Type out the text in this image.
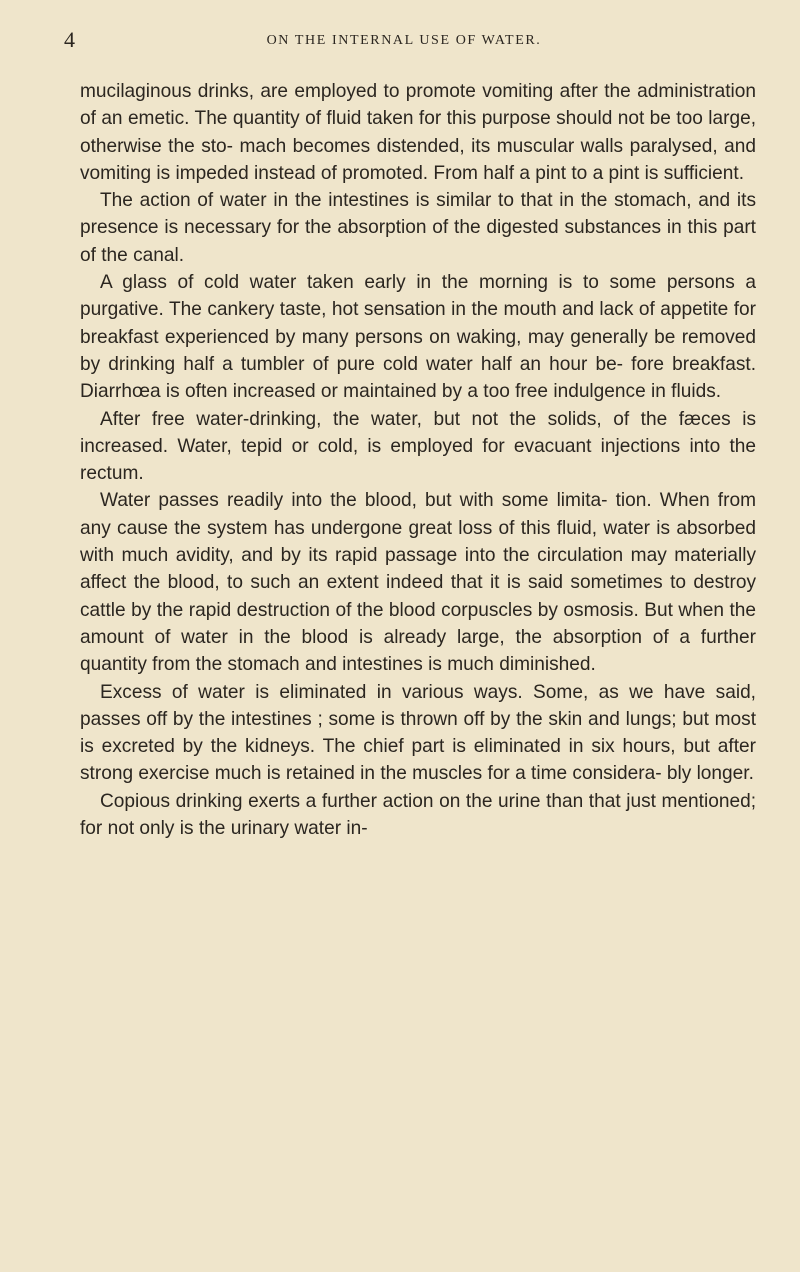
4	ON THE INTERNAL USE OF WATER.

mucilaginous drinks, are employed to promote vomiting after the administration of an emetic. The quantity of fluid taken for this purpose should not be too large, otherwise the sto- mach becomes distended, its muscular walls paralysed, and vomiting is impeded instead of promoted. From half a pint to a pint is sufficient.

The action of water in the intestines is similar to that in the stomach, and its presence is necessary for the absorption of the digested substances in this part of the canal.

A glass of cold water taken early in the morning is to some persons a purgative. The cankery taste, hot sensation in the mouth and lack of appetite for breakfast experienced by many persons on waking, may generally be removed by drinking half a tumbler of pure cold water half an hour be- fore breakfast. Diarrhœa is often increased or maintained by a too free indulgence in fluids.

After free water-drinking, the water, but not the solids, of the fæces is increased. Water, tepid or cold, is employed for evacuant injections into the rectum.

Water passes readily into the blood, but with some limita- tion. When from any cause the system has undergone great loss of this fluid, water is absorbed with much avidity, and by its rapid passage into the circulation may materially affect the blood, to such an extent indeed that it is said sometimes to destroy cattle by the rapid destruction of the blood corpuscles by osmosis. But when the amount of water in the blood is already large, the absorption of a further quantity from the stomach and intestines is much diminished.

Excess of water is eliminated in various ways. Some, as we have said, passes off by the intestines ; some is thrown off by the skin and lungs; but most is excreted by the kidneys. The chief part is eliminated in six hours, but after strong exercise much is retained in the muscles for a time considera- bly longer.

Copious drinking exerts a further action on the urine than that just mentioned; for not only is the urinary water in-
